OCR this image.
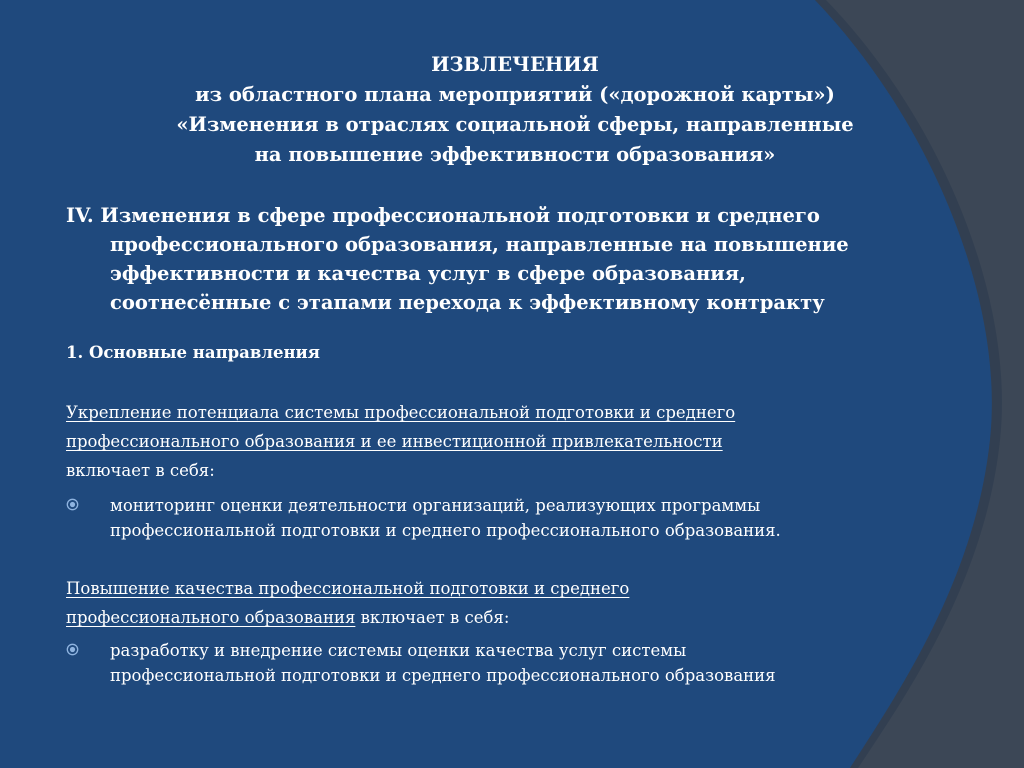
ИЗВЛЕЧЕНИЯ
из областного плана мероприятий («дорожной карты»)
«Изменения в отраслях социальной сферы, направленные
на повышение эффективности образования»
IV. Изменения в сфере профессиональной подготовки и среднего
профессионального образования, направленные на повышение
эффективности и качества услуг в сфере образования,
соотнесённые с этапами перехода к эффективному контракту
1. Основные направления
Укрепление потенциала системы профессиональной подготовки и среднего
профессионального образования и ее инвестиционной привлекательности
включает в себя:
мониторинг оценки деятельности организаций, реализующих программы
профессиональной подготовки и среднего профессионального образования.
Повышение качества профессиональной подготовки и среднего
профессионального образования включает в себя:
разработку и внедрение системы оценки качества услуг системы
профессиональной подготовки и среднего профессионального образования
